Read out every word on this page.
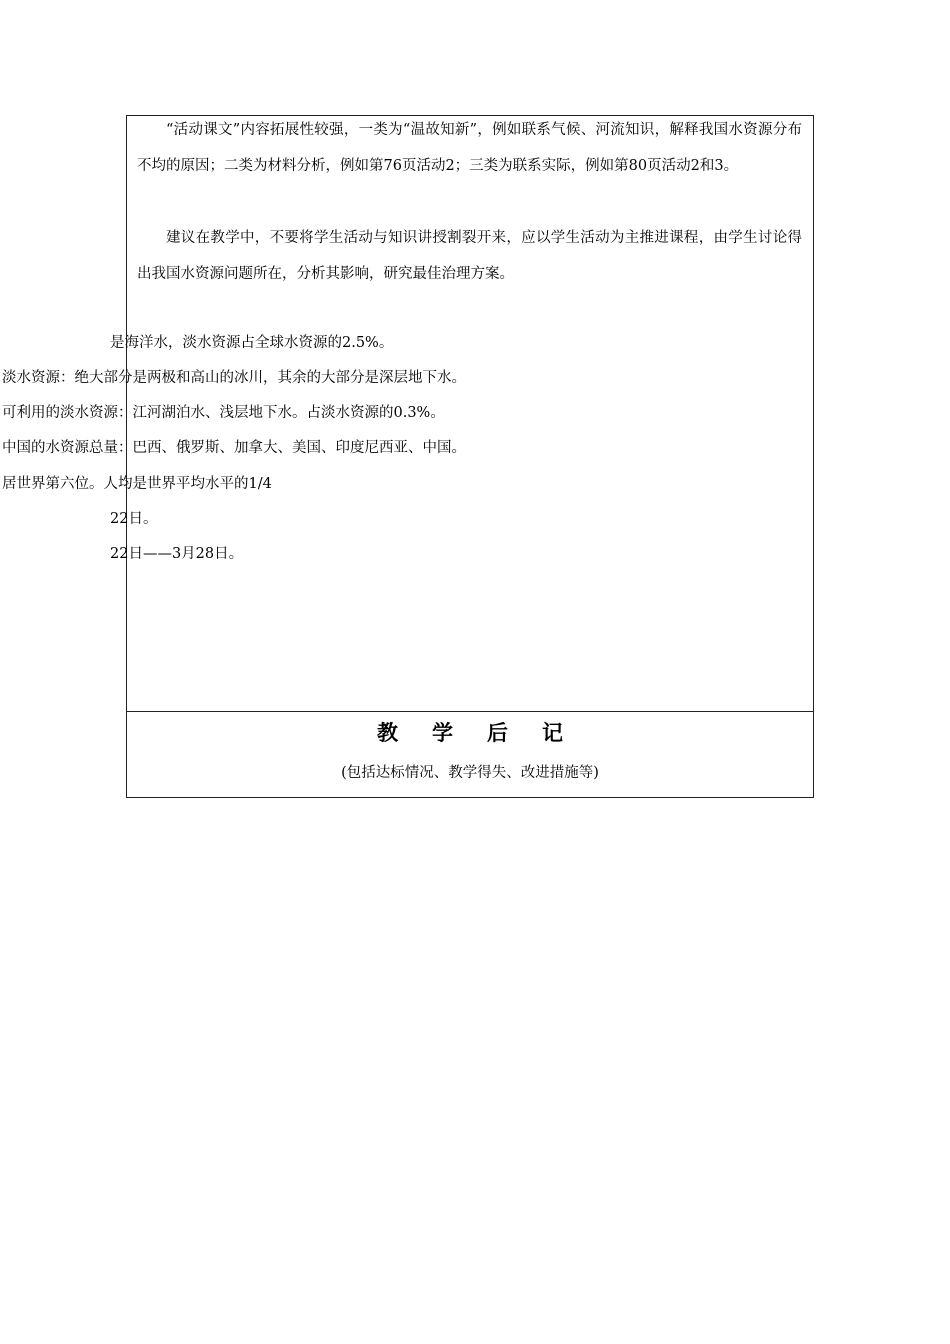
“活动课文”内容拓展性较强，一类为“温故知新”，例如联系气候、河流知识，解释我国水资源分布不均的原因；二类为材料分析，例如第76页活动2；三类为联系实际，例如第80页活动2和3。

建议在教学中，不要将学生活动与知识讲授割裂开来，应以学生活动为主推进课程，由学生讨论得出我国水资源问题所在，分析其影响，研究最佳治理方案。

是海洋水，淡水资源占全球水资源的2.5%。
淡水资源：绝大部分是两极和高山的冰川，其余的大部分是深层地下水。
可利用的淡水资源：江河湖泊水、浅层地下水。占淡水资源的0.3%。
中国的水资源总量：巴西、俄罗斯、加拿大、美国、印度尼西亚、中国。
居世界第六位。人均是世界平均水平的1/4
22日。
22日——3月28日。
教学后记
(包括达标情况、教学得失、改进措施等)
